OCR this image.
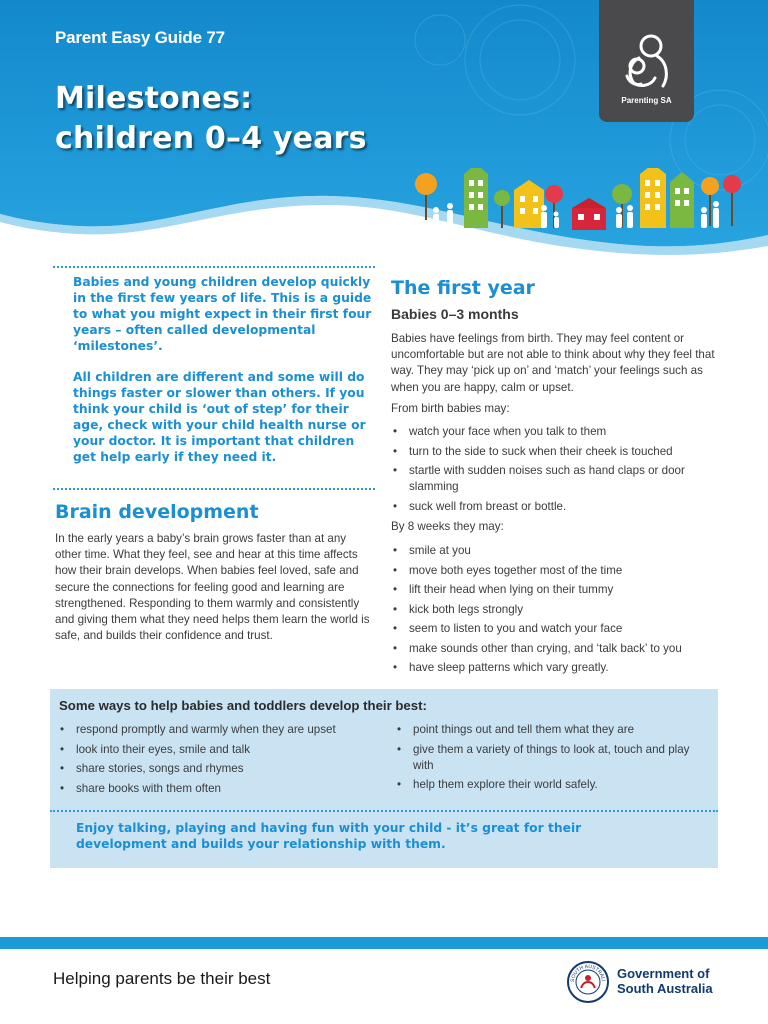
Parent Easy Guide 77
Milestones:
children 0–4 years
Parenting SA

Babies and young children develop quickly in the first few years of life. This is a guide to what you might expect in their first four years – often called developmental ‘milestones’.

All children are different and some will do things faster or slower than others. If you think your child is ‘out of step’ for their age, check with your child health nurse or your doctor. It is important that children get help early if they need it.

Brain development

In the early years a baby’s brain grows faster than at any other time. What they feel, see and hear at this time affects how their brain develops. When babies feel loved, safe and secure the connections for feeling good and learning are strengthened. Responding to them warmly and consistently and giving them what they need helps them learn the world is safe, and builds their confidence and trust.

The first year
Babies 0–3 months

Babies have feelings from birth. They may feel content or uncomfortable but are not able to think about why they feel that way. They may ‘pick up on’ and ‘match’ your feelings such as when you are happy, calm or upset.

From birth babies may:
• watch your face when you talk to them
• turn to the side to suck when their cheek is touched
• startle with sudden noises such as hand claps or door slamming
• suck well from breast or bottle.
By 8 weeks they may:
• smile at you
• move both eyes together most of the time
• lift their head when lying on their tummy
• kick both legs strongly
• seem to listen to you and watch your face
• make sounds other than crying, and ‘talk back’ to you
• have sleep patterns which vary greatly.
Some ways to help babies and toddlers develop their best:
• respond promptly and warmly when they are upset
• look into their eyes, smile and talk
• share stories, songs and rhymes
• share books with them often
• point things out and tell them what they are
• give them a variety of things to look at, touch and play with
• help them explore their world safely.

Enjoy talking, playing and having fun with your child - it’s great for their development and builds your relationship with them.

Helping parents be their best	SOUTH AUSTRALI Government of
South Australia
